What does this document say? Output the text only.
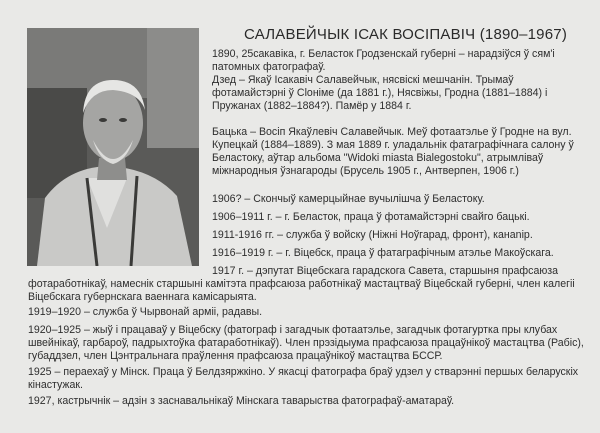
САЛАВЕЙЧЫК ІСАК ВОСІПАВІЧ (1890–1967)

1890, 25сакавіка, г. Беласток Гродзенскай губерні – нарадзіўся ў сям'і патомных фатографаў.

Дзед – Якаў Ісакавіч Салавейчык, нясвіскі мешчанін. Трымаў фотамайстэрні ў Сloніме (да 1881 г.), Нясвіжы, Гродна (1881–1884) і Пружанах (1882–1884?). Памёр у 1884 г.

Бацька – Восіп Якаўлевіч Салавейчык. Меў фотаатэлье ў Гродне на вул. Купецкай (1884–1889). З мая 1889 г. уладальнік фатаграфічнага салону ў Беластоку, аўтар альбома "Widoki miasta Bialegostoku", атрымліваў міжнародныя ўзнагароды (Брусель 1905 г., Антверпен, 1906 г.)

1906? – Скончыў камерцыйнае вучылішча ў Беластоку.

1906–1911 г. – г. Беласток, праца ў фотамайстэрні свайго бацькі.

1911-1916 гг. – служба ў войску (Ніжні Ноўгарад, фронт), канаnір.

1916–1919 г. – г. Віцебск, праца ў фатаграфічным атэлье Макоўскага.

1917 г. – дэпутат Віцебскага гарадскога Савета, старшыня прафсаюза фотаработнікаў, намеснік старшыні камітэта прафсаюза работнікаў мастацтваў Віцебскай губерні, член калегіі Віцебскага губернскага ваеннага камісарыята.

1919–1920 – служба ў Чырвонай арміі, радавы.

1920–1925 – жыў і працаваў у Віцебску (фатограф і загадчык фотаатэлье, загадчык фотагуртка пры клубах швейнікаў, гарбароў, падрыхтоўка фатаработнікаў). Член прэзідыума прафсаюза працаўнікоў мастацтва (Рабіс), губаддзел, член Цэнтральнага праўлення прафсаюза працаўнікоў мастацтва БССР.

1925 – пераехаў у Мінск. Праца ў Белдзяржкіно. У якасці фатографа браў удзел у стварэнні першых беларускіх кінастужак.

1927, кастрычнік – адзін з заснавальнікаў Мінскага таварыства фатографаў-аматараў.
